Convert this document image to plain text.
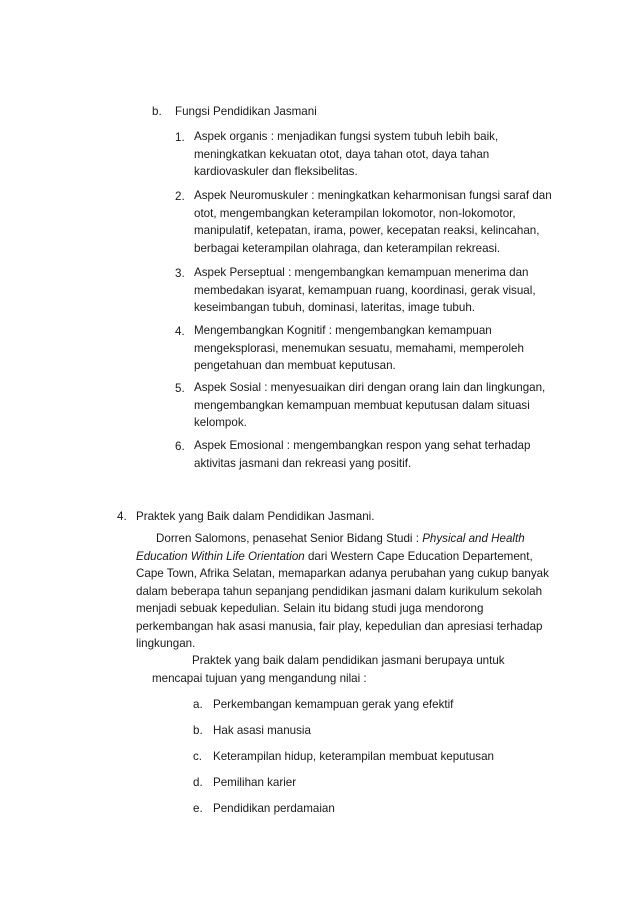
b. Fungsi Pendidikan Jasmani
1. Aspek organis : menjadikan fungsi system tubuh lebih baik,
meningkatkan kekuatan otot, daya tahan otot, daya tahan
kardiovaskuler dan fleksibelitas.
2. Aspek Neuromuskuler : meningkatkan keharmonisan fungsi saraf dan
otot, mengembangkan keterampilan lokomotor, non-lokomotor,
manipulatif, ketepatan, irama, power, kecepatan reaksi, kelincahan,
berbagai keterampilan olahraga, dan keterampilan rekreasi.
3. Aspek Perseptual : mengembangkan kemampuan menerima dan
membedakan isyarat, kemampuan ruang, koordinasi, gerak visual,
keseimbangan tubuh, dominasi, lateritas, image tubuh.
4. Mengembangkan Kognitif : mengembangkan kemampuan
mengeksplorasi, menemukan sesuatu, memahami, memperoleh
pengetahuan dan membuat keputusan.
5. Aspek Sosial : menyesuaikan diri dengan orang lain dan lingkungan,
mengembangkan kemampuan membuat keputusan dalam situasi
kelompok.
6. Aspek Emosional : mengembangkan respon yang sehat terhadap
aktivitas jasmani dan rekreasi yang positif.
4. Praktek yang Baik dalam Pendidikan Jasmani.
Dorren Salomons, penasehat Senior Bidang Studi : Physical and Health
Education Within Life Orientation dari Western Cape Education Departement,
Cape Town, Afrika Selatan, memaparkan adanya perubahan yang cukup banyak
dalam beberapa tahun sepanjang pendidikan jasmani dalam kurikulum sekolah
menjadi sebuak kepedulian. Selain itu bidang studi juga mendorong
perkembangan hak asasi manusia, fair play, kepedulian dan apresiasi terhadap
lingkungan.
Praktek yang baik dalam pendidikan jasmani berupaya untuk
mencapai tujuan yang mengandung nilai :
a. Perkembangan kemampuan gerak yang efektif
b. Hak asasi manusia
c. Keterampilan hidup, keterampilan membuat keputusan
d. Pemilihan karier
e. Pendidikan perdamaian
